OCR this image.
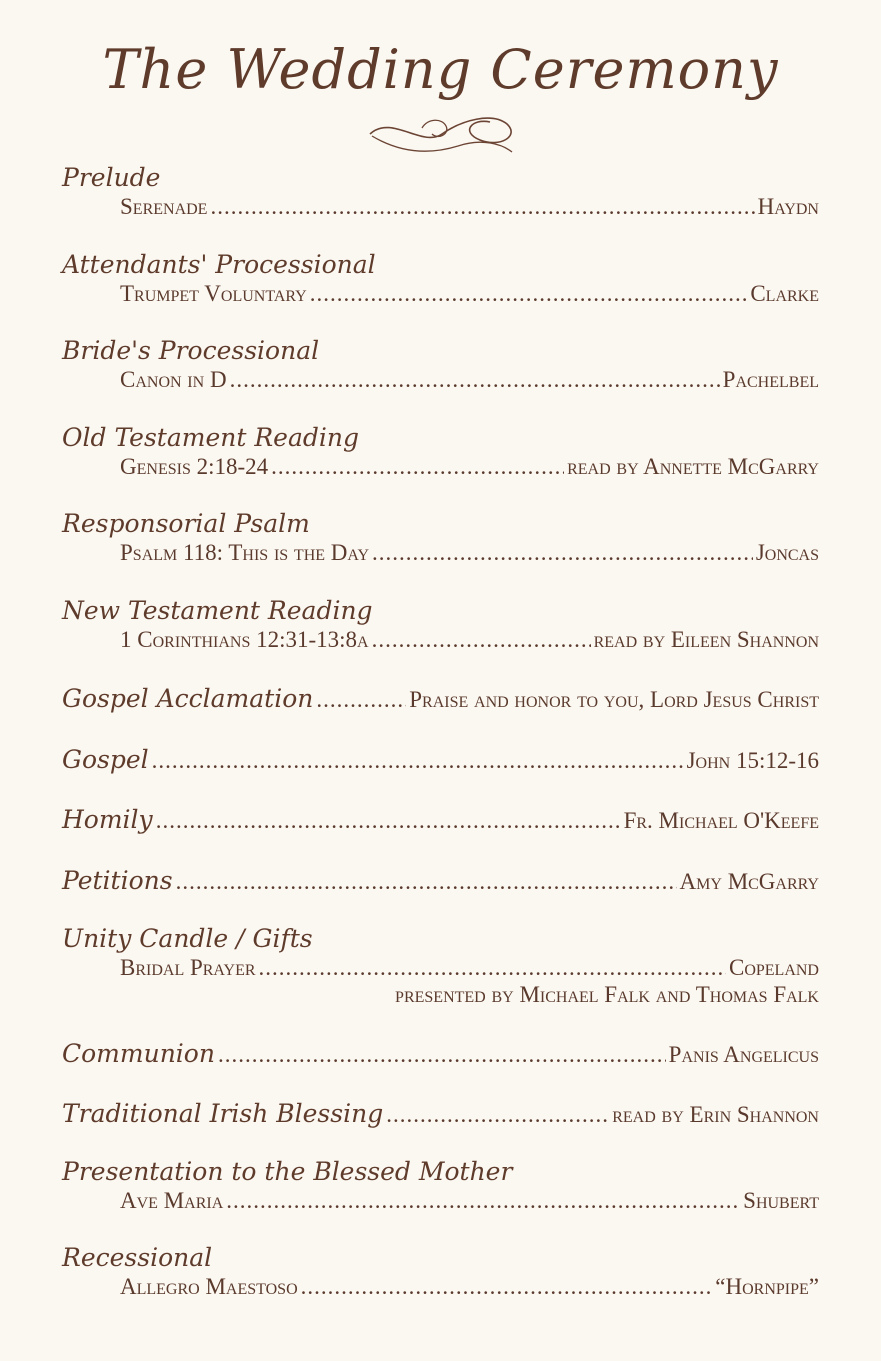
The Wedding Ceremony
Prelude
Serenade .....	Haydn
Attendants' Processional
Trumpet Voluntary .....	Clarke
Bride's Processional
Canon in D .....	Pachelbel
Old Testament Reading
Genesis 2:18-24 .....	read by Annette McGarry
Responsorial Psalm
Psalm 118: This is the Day .....	Joncas
New Testament Reading
1 Corinthians 12:31-13:8a .....	read by Eileen Shannon
Gospel Acclamation .....	Praise and honor to you, Lord Jesus Christ
Gospel .....	John 15:12-16
Homily .....	Fr. Michael O'Keefe
Petitions .....	Amy McGarry
Unity Candle / Gifts
Bridal Prayer .....	Copeland
presented by Michael Falk and Thomas Falk
Communion .....	Panis Angelicus
Traditional Irish Blessing .....	read by Erin Shannon
Presentation to the Blessed Mother
Ave Maria .....	Shubert
Recessional
Allegro Maestoso .....	“Hornpipe”
